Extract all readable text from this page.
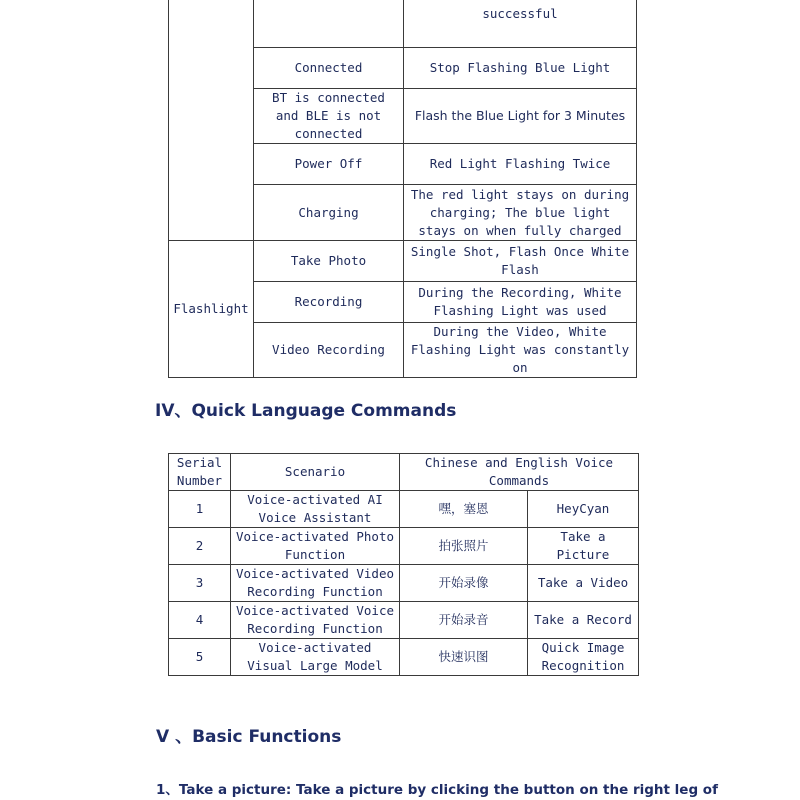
		successful
	Connected	Stop Flashing Blue Light
	BT is connected and BLE is not connected	Flash the Blue Light for 3 Minutes
	Power Off	Red Light Flashing Twice
	Charging	The red light stays on during charging; The blue light stays on when fully charged
Flashlight	Take Photo	Single Shot, Flash Once White Flash
	Recording	During the Recording, White Flashing Light was used
	Video Recording	During the Video, White Flashing Light was constantly on
IV、Quick Language Commands
Serial Number	Scenario	Chinese and English Voice Commands	
1	Voice-activated AI Voice Assistant	嘿，塞恩	HeyCyan
2	Voice-activated Photo Function	拍张照片	Take a Picture
3	Voice-activated Video Recording Function	开始录像	Take a Video
4	Voice-activated Voice Recording Function	开始录音	Take a Record
5	Voice-activated Visual Large Model	快速识图	Quick Image Recognition
V 、Basic Functions

1、Take a picture: Take a picture by clicking the button on the right leg of
